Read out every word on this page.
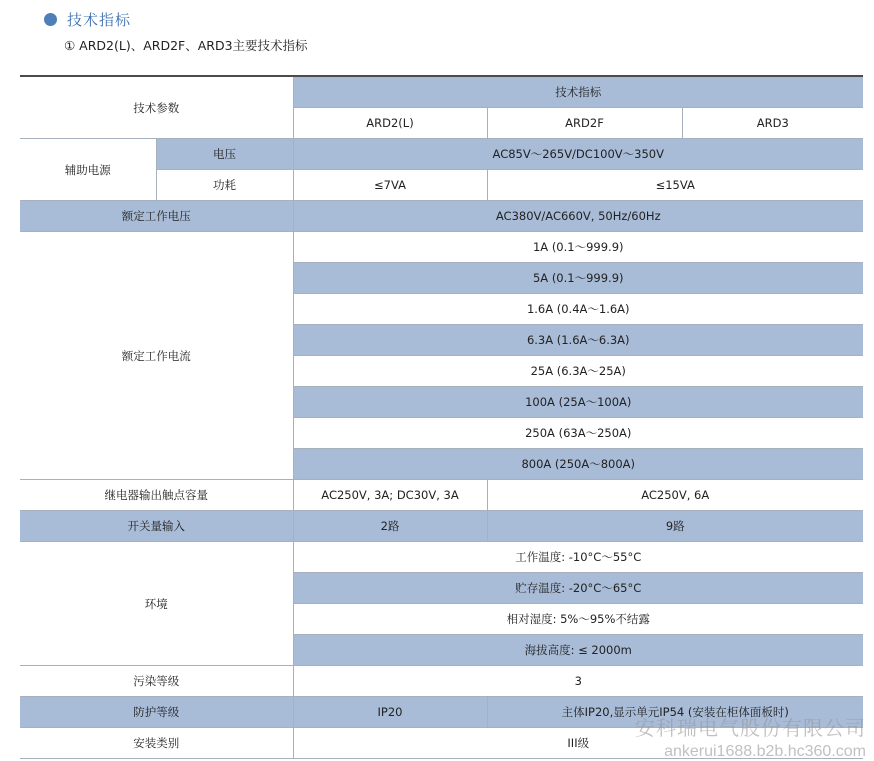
技术指标
① ARD2(L)、ARD2F、ARD3主要技术指标
技术参数		技术指标		
		ARD2(L)	ARD2F	ARD3
辅助电源	电压	AC85V～265V/DC100V～350V		
	功耗	≤7VA	≤15VA	
额定工作电压		AC380V/AC660V, 50Hz/60Hz		
额定工作电流		1A (0.1～999.9)		
		5A (0.1～999.9)		
		1.6A (0.4A～1.6A)		
		6.3A (1.6A～6.3A)		
		25A (6.3A～25A)		
		100A (25A～100A)		
		250A (63A～250A)		
		800A (250A～800A)		
继电器输出触点容量		AC250V, 3A; DC30V, 3A	AC250V, 6A	
开关量输入		2路	9路	
环境		工作温度: -10°C～55°C		
		贮存温度: -20°C～65°C		
		相对湿度: 5%～95%不结露		
		海拔高度: ≤ 2000m		
污染等级		3		
防护等级		IP20	主体IP20,显示单元IP54 (安装在柜体面板时)	
安装类别		III级		
安科瑞电气股份有限公司
ankerui1688.b2b.hc360.com
